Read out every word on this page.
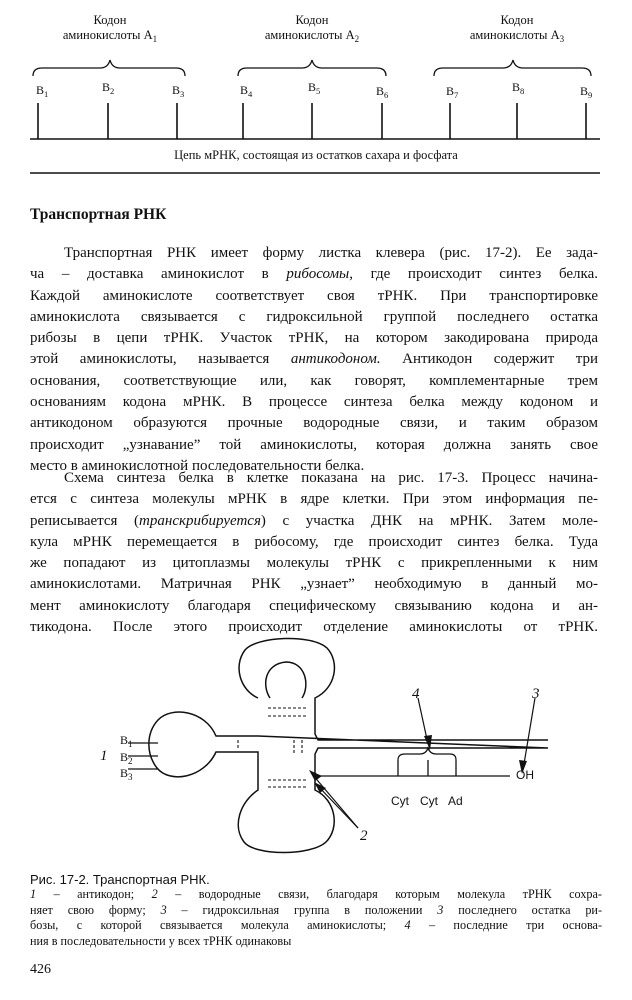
Кодон
аминокислоты $А_1$
Кодон
аминокислоты $А_2$
Кодон
аминокислоты $А_3$
$В_1$	$В_2$	$В_3$	$В_4$	$В_5$	$В_6$	$В_7$
$В_8$	$В_9$
Цепь мРНК, состоящая из остатков сахара и фосфата
Транспортная РНК
Транспортная РНК имеет форму листка клевера (рис. 17-2). Ее зада-
ча – доставка аминокислот в рибосомы, где происходит синтез белка.
Каждой аминокислоте соответствует своя тРНК. При транспортировке
аминокислота связывается с гидроксильной группой последнего остатка
рибозы в цепи тРНК. Участок тРНК, на котором закодирована природа
этой аминокислоты, называется антикодоном. Антикодон содержит три
основания, соответствующие или, как говорят, комплементарные трем
основаниям кодона мРНК. В процессе синтеза белка между кодоном и
антикодоном образуются прочные водородные связи, и таким образом
происходит „узнавание” той аминокислоты, которая должна занять свое
место в аминокислотной последовательности белка.
Схема синтеза белка в клетке показана на рис. 17-3. Процесс начина-
ется с синтеза молекулы мРНК в ядре клетки. При этом информация пе-
реписывается (транскрибируется) с участка ДНК на мРНК. Затем моле-
кула мРНК перемещается в рибосому, где происходит синтез белка. Туда
же попадают из цитоплазмы молекулы тРНК с прикрепленными к ним
аминокислотами. Матричная РНК „узнает” необходимую в данный мо-
мент аминокислоту благодаря специфическому связыванию кодона и ан-
тикодона. После этого происходит отделение аминокислоты от тРНК.
1
$В_1$
$В_2$
$В_3$
4	3
2
OH
Cyt Cyt Ad
Рис. 17-2. Транспортная РНК.
1 – антикодон; 2 – водородные связи, благодаря которым молекула тРНК сохра-
няет свою форму; 3 – гидроксильная группа в положении 3 последнего остатка ри-
бозы, с которой связывается молекула аминокислоты; 4 – последние три основа-
ния в последовательности у всех тРНК одинаковы
426
